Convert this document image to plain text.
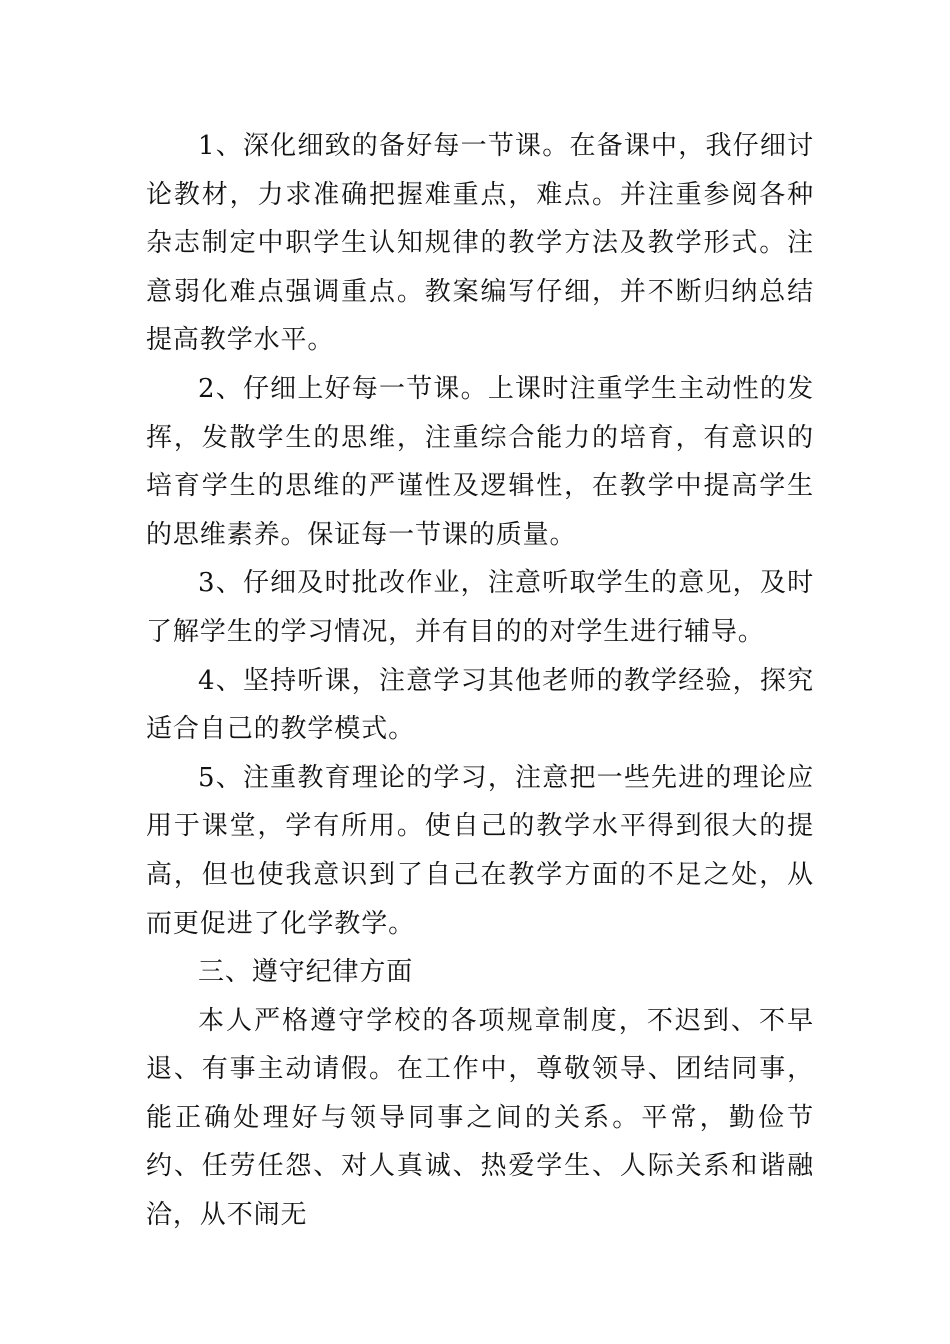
1、深化细致的备好每一节课。在备课中，我仔细讨论教材，力求准确把握难重点，难点。并注重参阅各种杂志制定中职学生认知规律的教学方法及教学形式。注意弱化难点强调重点。教案编写仔细，并不断归纳总结提高教学水平。

2、仔细上好每一节课。上课时注重学生主动性的发挥，发散学生的思维，注重综合能力的培育，有意识的培育学生的思维的严谨性及逻辑性，在教学中提高学生的思维素养。保证每一节课的质量。

3、仔细及时批改作业，注意听取学生的意见，及时了解学生的学习情况，并有目的的对学生进行辅导。

4、坚持听课，注意学习其他老师的教学经验，探究适合自己的教学模式。

5、注重教育理论的学习，注意把一些先进的理论应用于课堂，学有所用。使自己的教学水平得到很大的提高，但也使我意识到了自己在教学方面的不足之处，从而更促进了化学教学。

三、遵守纪律方面

本人严格遵守学校的各项规章制度，不迟到、不早退、有事主动请假。在工作中，尊敬领导、团结同事，能正确处理好与领导同事之间的关系。平常，勤俭节约、任劳任怨、对人真诚、热爱学生、人际关系和谐融洽，从不闹无
